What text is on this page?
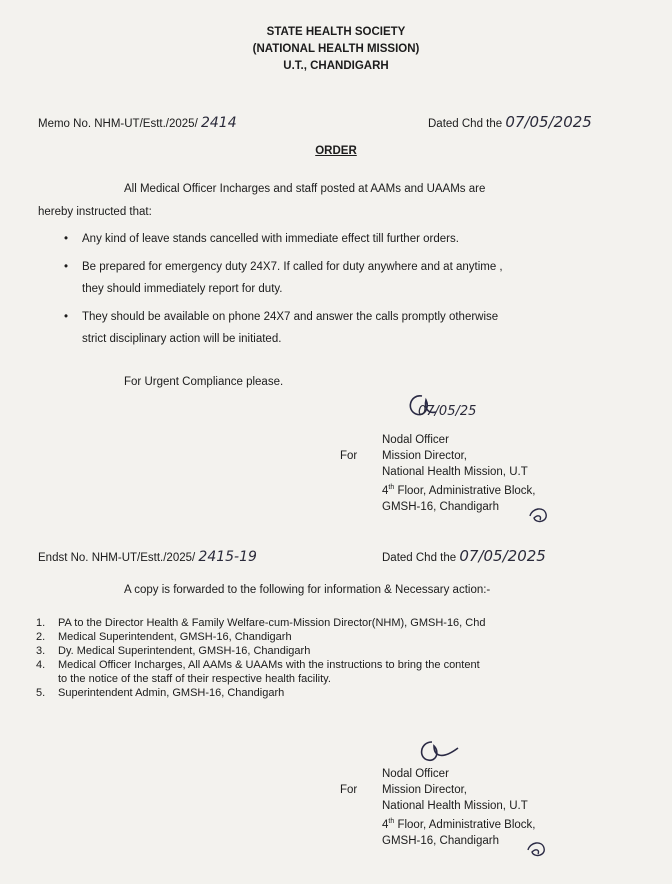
STATE HEALTH SOCIETY
(NATIONAL HEALTH MISSION)
U.T., CHANDIGARH
Memo No. NHM-UT/Estt./2025/ 2414	Dated Chd the 07/05/2025
ORDER
All Medical Officer Incharges and staff posted at AAMs and UAAMs are
hereby instructed that:
• Any kind of leave stands cancelled with immediate effect till further orders.
• Be prepared for emergency duty 24X7. If called for duty anywhere and at anytime ,
they should immediately report for duty.
• They should be available on phone 24X7 and answer the calls promptly otherwise
strict disciplinary action will be initiated.
For Urgent Compliance please.
07/05/25
Nodal Officer
Mission Director,
National Health Mission, U.T
4th Floor, Administrative Block,
GMSH-16, Chandigarh
For
Endst No. NHM-UT/Estt./2025/ 2415-19	Dated Chd the 07/05/2025
A copy is forwarded to the following for information & Necessary action:-
1. PA to the Director Health & Family Welfare-cum-Mission Director(NHM), GMSH-16, Chd
2. Medical Superintendent, GMSH-16, Chandigarh
3. Dy. Medical Superintendent, GMSH-16, Chandigarh
4. Medical Officer Incharges, All AAMs & UAAMs with the instructions to bring the content
to the notice of the staff of their respective health facility.
5. Superintendent Admin, GMSH-16, Chandigarh
Nodal Officer
Mission Director,
National Health Mission, U.T
4th Floor, Administrative Block,
GMSH-16, Chandigarh
For
